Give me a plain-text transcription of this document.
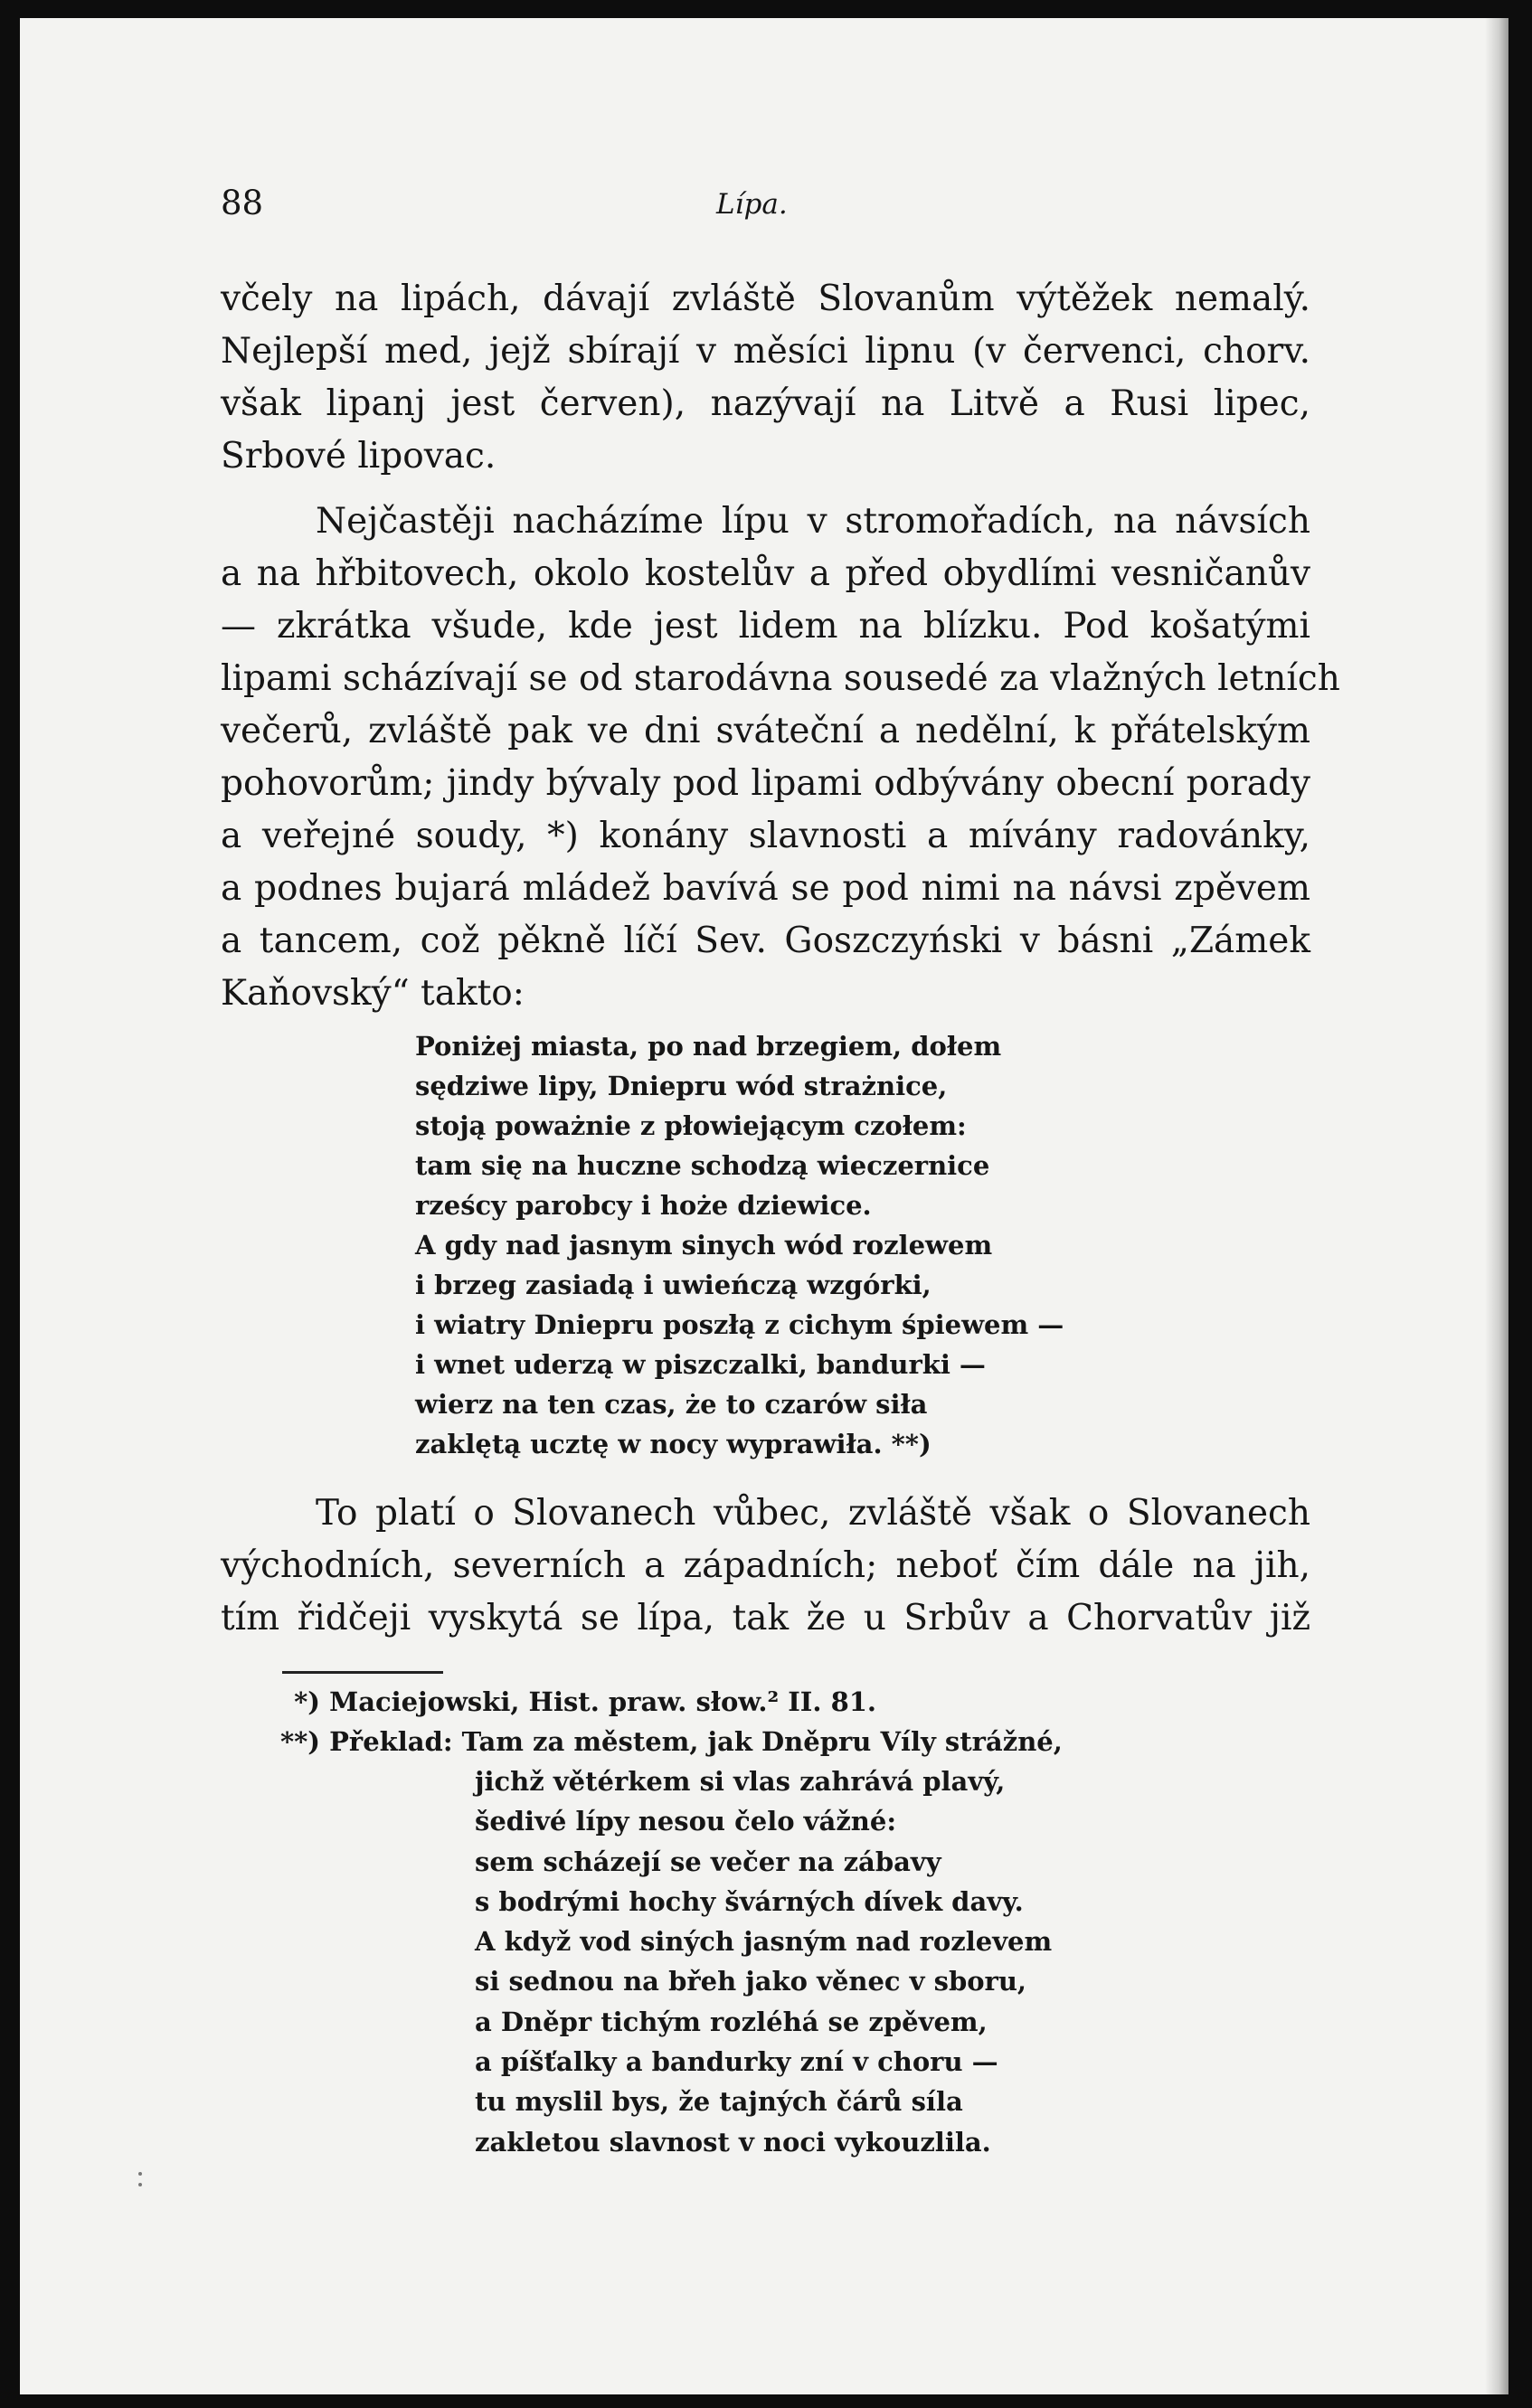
88	Lípa.

včely na lipách, dávají zvláště Slovanům výtěžek nemalý.
Nejlepší med, jejž sbírají v měsíci lipnu (v červenci, chorv.
však lipanj jest červen), nazývají na Litvě a Rusi lipec,
Srbové lipovac.
Nejčastěji nacházíme lípu v stromořadích, na návsích
a na hřbitovech, okolo kostelův a před obydlími vesničanův
— zkrátka všude, kde jest lidem na blízku. Pod košatými
lipami scházívají se od starodávna sousedé za vlažných letních
večerů, zvláště pak ve dni sváteční a nedělní, k přátelským
pohovorům; jindy bývaly pod lipami odbývány obecní porady
a veřejné soudy, *) konány slavnosti a mívány radovánky,
a podnes bujará mládež bavívá se pod nimi na návsi zpěvem
a tancem, což pěkně líčí Sev. Goszczyński v básni „Zámek
Kaňovský“ takto:
Poniżej miasta, po nad brzegiem, dołem
sędziwe lipy, Dniepru wód strażnice,
stoją poważnie z płowiejącym czołem:
tam się na huczne schodzą wieczernice
rześcy parobcy i hoże dziewice.
A gdy nad jasnym sinych wód rozlewem
i brzeg zasiadą i uwieńczą wzgórki,
i wiatry Dniepru poszłą z cichym śpiewem —
i wnet uderzą w piszczalki, bandurki —
wierz na ten czas, że to czarów siła
zaklętą ucztę w nocy wyprawiła. **)
To platí o Slovanech vůbec, zvláště však o Slovanech
východních, severních a západních; neboť čím dále na jih,
tím řidčeji vyskytá se lípa, tak že u Srbův a Chorvatův již
*) Maciejowski, Hist. praw. słow.² II. 81.
**) Překlad: Tam za městem, jak Dněpru Víly strážné,
jichž větérkem si vlas zahrává plavý,
šedivé lípy nesou čelo vážné:
sem scházejí se večer na zábavy
s bodrými hochy švárných dívek davy.
A když vod siných jasným nad rozlevem
si sednou na břeh jako věnec v sboru,
a Dněpr tichým rozléhá se zpěvem,
a píšťalky a bandurky zní v choru —
tu myslil bys, že tajných čárů síla
zakletou slavnost v noci vykouzlila.
